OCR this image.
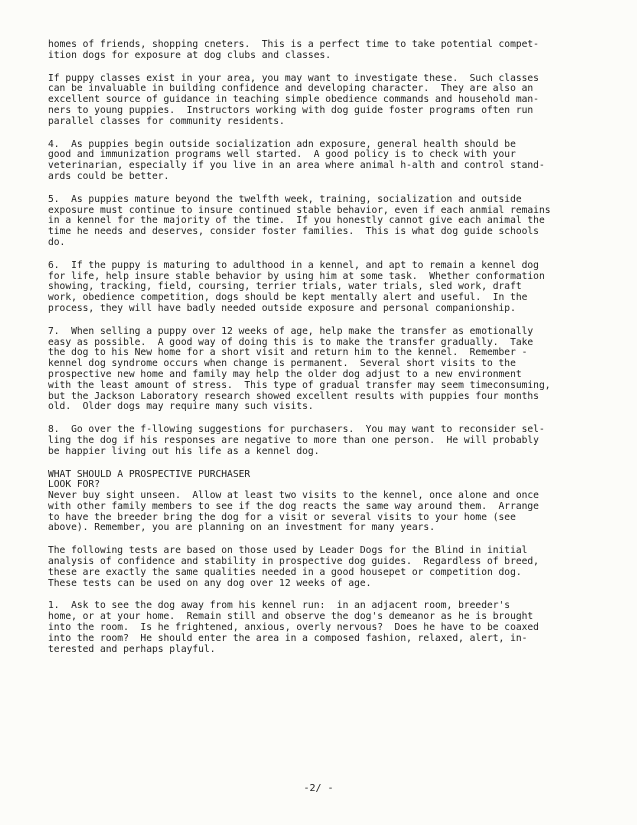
homes of friends, shopping cneters.  This is a perfect time to take potential compet-
ition dogs for exposure at dog clubs and classes.

If puppy classes exist in your area, you may want to investigate these.  Such classes
can be invaluable in building confidence and developing character.  They are also an
excellent source of guidance in teaching simple obedience commands and household man-
ners to young puppies.  Instructors working with dog guide foster programs often run
parallel classes for community residents.

4.  As puppies begin outside socialization adn exposure, general health should be
good and immunization programs well started.  A good policy is to check with your
veterinarian, especially if you live in an area where animal h-alth and control stand-
ards could be better.

5.  As puppies mature beyond the twelfth week, training, socialization and outside
exposure must continue to insure continued stable behavior, even if each anmial remains
in a kennel for the majority of the time.  If you honestly cannot give each animal the
time he needs and deserves, consider foster families.  This is what dog guide schools
do.

6.  If the puppy is maturing to adulthood in a kennel, and apt to remain a kennel dog
for life, help insure stable behavior by using him at some task.  Whether conformation
showing, tracking, field, coursing, terrier trials, water trials, sled work, draft
work, obedience competition, dogs should be kept mentally alert and useful.  In the
process, they will have badly needed outside exposure and personal companionship.

7.  When selling a puppy over 12 weeks of age, help make the transfer as emotionally
easy as possible.  A good way of doing this is to make the transfer gradually.  Take
the dog to his New home for a short visit and return him to the kennel.  Remember -
kennel dog syndrome occurs when change is permanent.  Several short visits to the
prospective new home and family may help the older dog adjust to a new environment
with the least amount of stress.  This type of gradual transfer may seem timeconsuming,
but the Jackson Laboratory research showed excellent results with puppies four months
old.  Older dogs may require many such visits.

8.  Go over the f-llowing suggestions for purchasers.  You may want to reconsider sel-
ling the dog if his responses are negative to more than one person.  He will probably
be happier living out his life as a kennel dog.

WHAT SHOULD A PROSPECTIVE PURCHASER
LOOK FOR?

Never buy sight unseen.  Allow at least two visits to the kennel, once alone and once
with other family members to see if the dog reacts the same way around them.  Arrange
to have the breeder bring the dog for a visit or several visits to your home (see
above). Remember, you are planning on an investment for many years.

The following tests are based on those used by Leader Dogs for the Blind in initial
analysis of confidence and stability in prospective dog guides.  Regardless of breed,
these are exactly the same qualities needed in a good housepet or competition dog.
These tests can be used on any dog over 12 weeks of age.

1.  Ask to see the dog away from his kennel run:  in an adjacent room, breeder's
home, or at your home.  Remain still and observe the dog's demeanor as he is brought
into the room.  Is he frightened, anxious, overly nervous?  Does he have to be coaxed
into the room?  He should enter the area in a composed fashion, relaxed, alert, in-
terested and perhaps playful.

-2/ -
